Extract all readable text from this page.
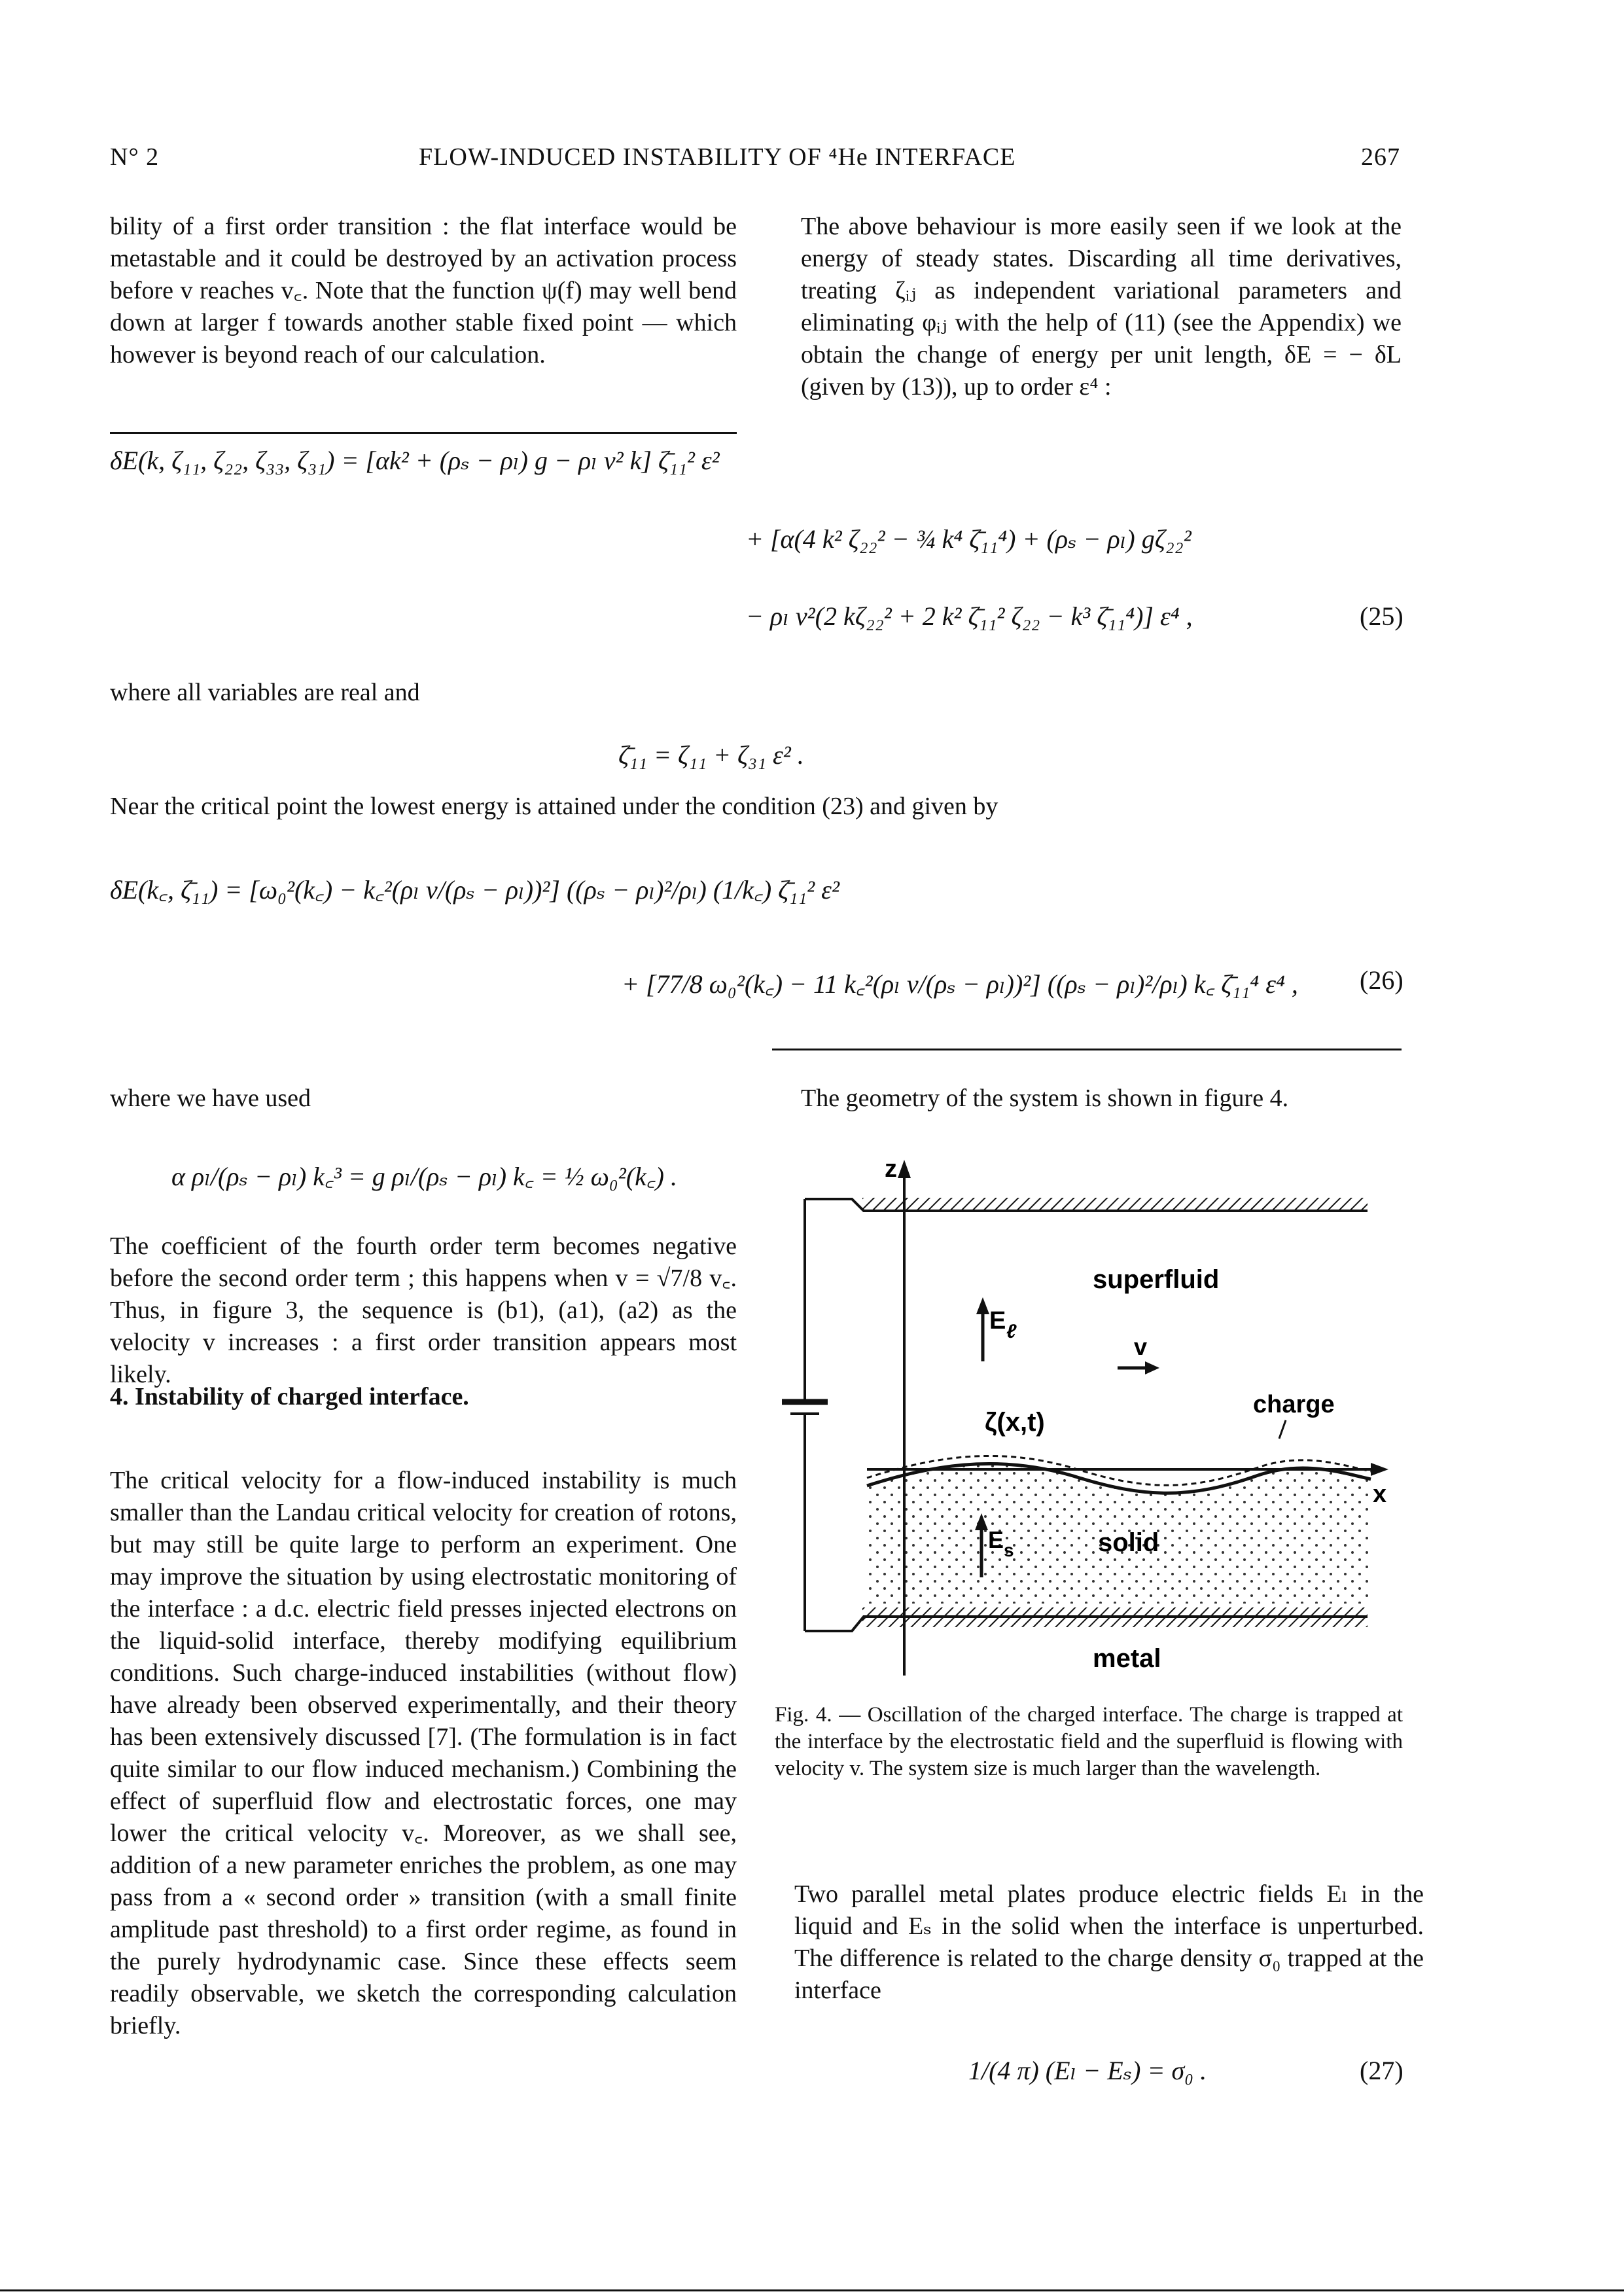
N° 2	FLOW-INDUCED INSTABILITY OF ⁴He INTERFACE	267

bility of a first order transition : the flat interface would be metastable and it could be destroyed by an activation process before v reaches v꜀. Note that the function ψ(f) may well bend down at larger f towards another stable fixed point — which however is beyond reach of our calculation.

The above behaviour is more easily seen if we look at the energy of steady states. Discarding all time derivatives, treating ζᵢⱼ as independent variational parameters and eliminating φᵢⱼ with the help of (11) (see the Appendix) we obtain the change of energy per unit length, δE = − δL (given by (13)), up to order ε⁴ :

δE(k, ζ₁₁, ζ₂₂, ζ₃₃, ζ₃₁) = [αk² + (ρₛ − ρₗ) g − ρₗ v² k] ζ̄₁₁² ε²
+ [α(4 k² ζ₂₂² − ¾ k⁴ ζ̄₁₁⁴) + (ρₛ − ρₗ) gζ₂₂²
− ρₗ v²(2 kζ₂₂² + 2 k² ζ̄₁₁² ζ₂₂ − k³ ζ̄₁₁⁴)] ε⁴ ,	(25)
where all variables are real and
ζ̄₁₁ = ζ₁₁ + ζ₃₁ ε² .
Near the critical point the lowest energy is attained under the condition (23) and given by
δE(k꜀, ζ̄₁₁) = [ω₀²(k꜀) − k꜀²(ρₗ v/(ρₛ − ρₗ))²] ((ρₛ − ρₗ)²/ρₗ) (1/k꜀) ζ̄₁₁² ε²
+ [77/8 ω₀²(k꜀) − 11 k꜀²(ρₗ v/(ρₛ − ρₗ))²] ((ρₛ − ρₗ)²/ρₗ) k꜀ ζ̄₁₁⁴ ε⁴ , (26)
where we have used
α ρₗ/(ρₛ − ρₗ) k꜀³ = g ρₗ/(ρₛ − ρₗ) k꜀ = ½ ω₀²(k꜀) .

The coefficient of the fourth order term becomes negative before the second order term ; this happens when v = √7/8 v꜀. Thus, in figure 3, the sequence is (b1), (a1), (a2) as the velocity v increases : a first order transition appears most likely.

4. Instability of charged interface.

The critical velocity for a flow-induced instability is much smaller than the Landau critical velocity for creation of rotons, but may still be quite large to perform an experiment. One may improve the situation by using electrostatic monitoring of the interface : a d.c. electric field presses injected electrons on the liquid-solid interface, thereby modifying equilibrium conditions. Such charge-induced instabilities (without flow) have already been observed experimentally, and their theory has been extensively discussed [7]. (The formulation is in fact quite similar to our flow induced mechanism.) Combining the effect of superfluid flow and electrostatic forces, one may lower the critical velocity v꜀. Moreover, as we shall see, addition of a new parameter enriches the problem, as one may pass from a « second order » transition (with a small finite amplitude past threshold) to a first order regime, as found in the purely hydrodynamic case. Since these effects seem readily observable, we sketch the corresponding calculation briefly.

The geometry of the system is shown in figure 4.
z
x
superfluid
E ℓ
v
ζ(x,t)
charge
E s	solid
metal
Fig. 4. — Oscillation of the charged interface. The charge is trapped at the interface by the electrostatic field and the superfluid is flowing with velocity v. The system size is much larger than the wavelength.

Two parallel metal plates produce electric fields Eₗ in the liquid and Eₛ in the solid when the interface is unperturbed. The difference is related to the charge density σ₀ trapped at the interface

1/(4 π) (Eₗ − Eₛ) = σ₀ .	(27)
